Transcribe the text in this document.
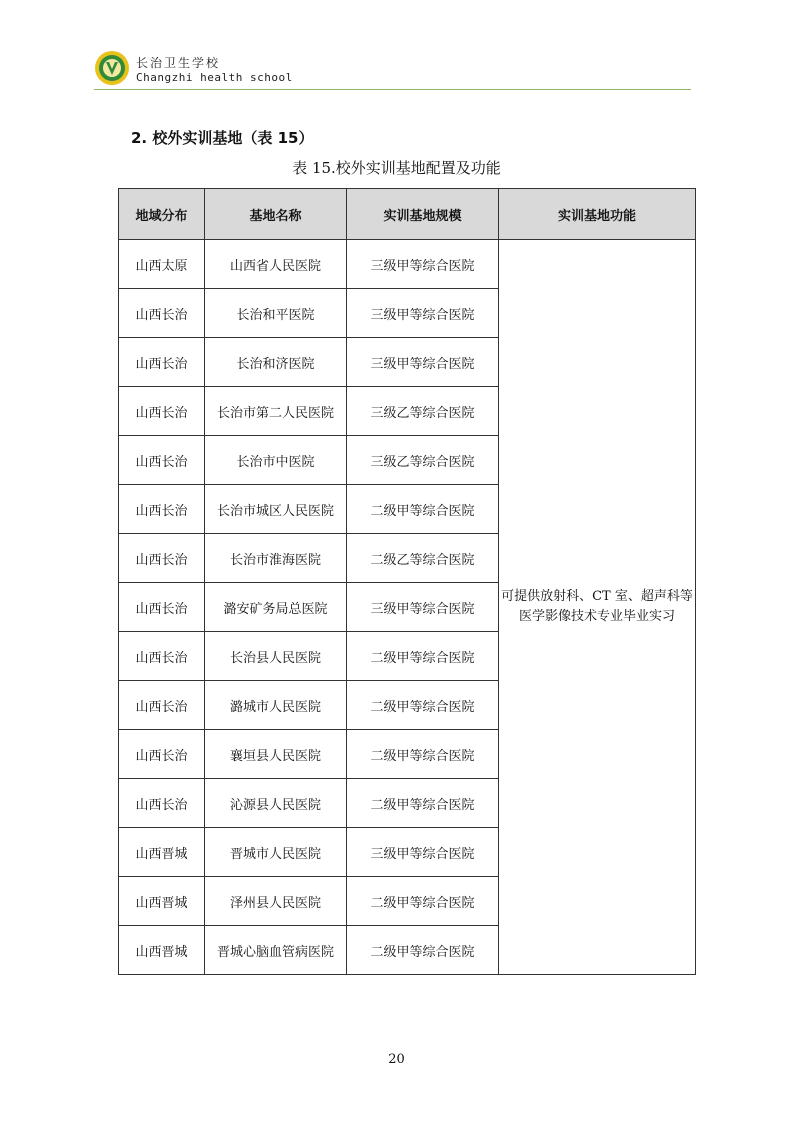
长治卫生学校
Changzhi health school
2. 校外实训基地（表 15）
表 15.校外实训基地配置及功能
地域分布	基地名称	实训基地规模	实训基地功能
山西太原	山西省人民医院	三级甲等综合医院	可提供放射科、CT 室、超声科等医学影像技术专业毕业实习
山西长治	长治和平医院	三级甲等综合医院	
山西长治	长治和济医院	三级甲等综合医院	
山西长治	长治市第二人民医院	三级乙等综合医院	
山西长治	长治市中医院	三级乙等综合医院	
山西长治	长治市城区人民医院	二级甲等综合医院	
山西长治	长治市淮海医院	二级乙等综合医院	
山西长治	潞安矿务局总医院	三级甲等综合医院	
山西长治	长治县人民医院	二级甲等综合医院	
山西长治	潞城市人民医院	二级甲等综合医院	
山西长治	襄垣县人民医院	二级甲等综合医院	
山西长治	沁源县人民医院	二级甲等综合医院	
山西晋城	晋城市人民医院	三级甲等综合医院	
山西晋城	泽州县人民医院	二级甲等综合医院	
山西晋城	晋城心脑血管病医院	二级甲等综合医院	
20
